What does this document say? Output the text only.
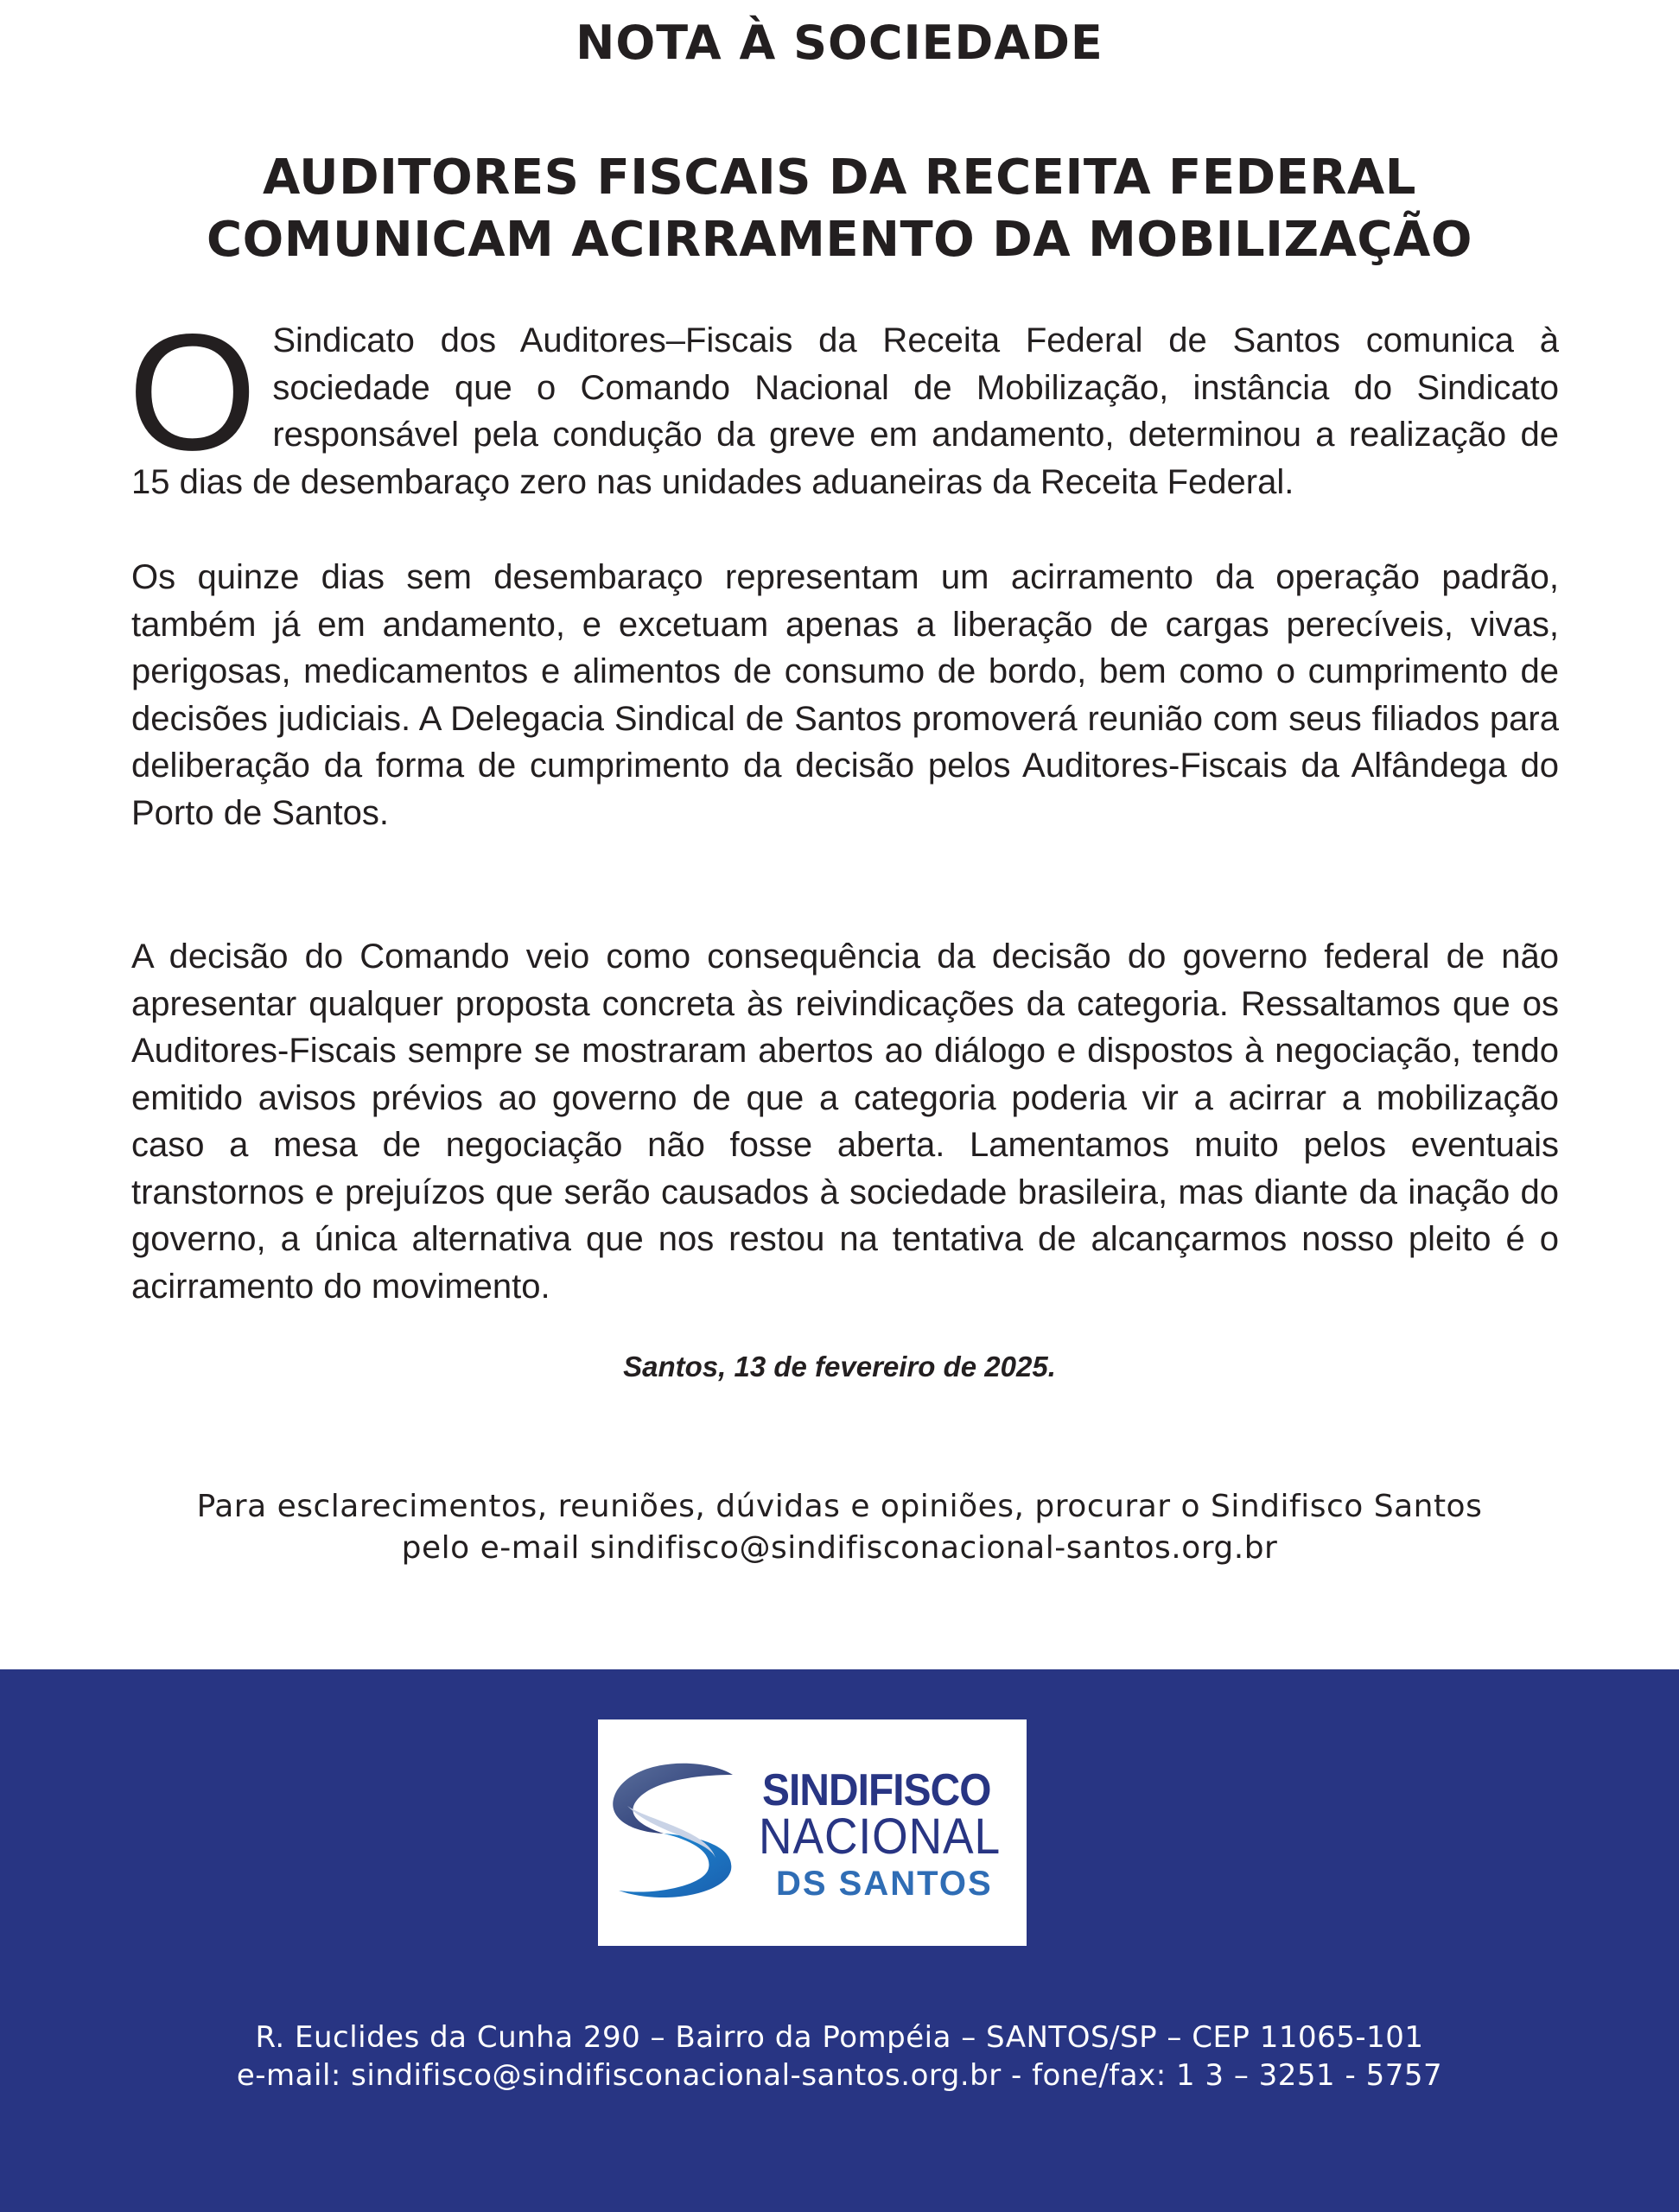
NOTA À SOCIEDADE
AUDITORES FISCAIS DA RECEITA FEDERAL
COMUNICAM ACIRRAMENTO DA MOBILIZAÇÃO

O Sindicato dos Auditores–Fiscais da Receita Federal de Santos comunica à sociedade que o Comando Nacional de Mobilização, instância do Sindicato responsável pela condução da greve em andamento, determinou a realização de 15 dias de desembaraço zero nas unidades aduaneiras da Receita Federal.

Os quinze dias sem desembaraço representam um acirramento da operação padrão, também já em andamento, e excetuam apenas a liberação de cargas perecíveis, vivas, perigosas, medicamentos e alimentos de consumo de bordo, bem como o cumprimento de decisões judiciais. A Delegacia Sindical de Santos promoverá reunião com seus filiados para deliberação da forma de cumprimento da decisão pelos Auditores-Fiscais da Alfândega do Porto de Santos.

A decisão do Comando veio como consequência da decisão do governo federal de não apresentar qualquer proposta concreta às reivindicações da categoria. Ressaltamos que os Auditores-Fiscais sempre se mostraram abertos ao diálogo e dispostos à negociação, tendo emitido avisos prévios ao governo de que a categoria poderia vir a acirrar a mobilização caso a mesa de negociação não fosse aberta. Lamentamos muito pelos eventuais transtornos e prejuízos que serão causados à sociedade brasileira, mas diante da inação do governo, a única alternativa que nos restou na tentativa de alcançarmos nosso pleito é o acirramento do movimento.

Santos, 13 de fevereiro de 2025.

Para esclarecimentos, reuniões, dúvidas e opiniões, procurar o Sindifisco Santos
pelo e-mail sindifisco@sindifisconacional-santos.org.br

SINDIFISCO
NACIONAL
DS SANTOS

R. Euclides da Cunha 290 – Bairro da Pompéia – SANTOS/SP – CEP 11065-101
e-mail: sindifisco@sindifisconacional-santos.org.br - fone/fax: 1 3 – 3251 - 5757
